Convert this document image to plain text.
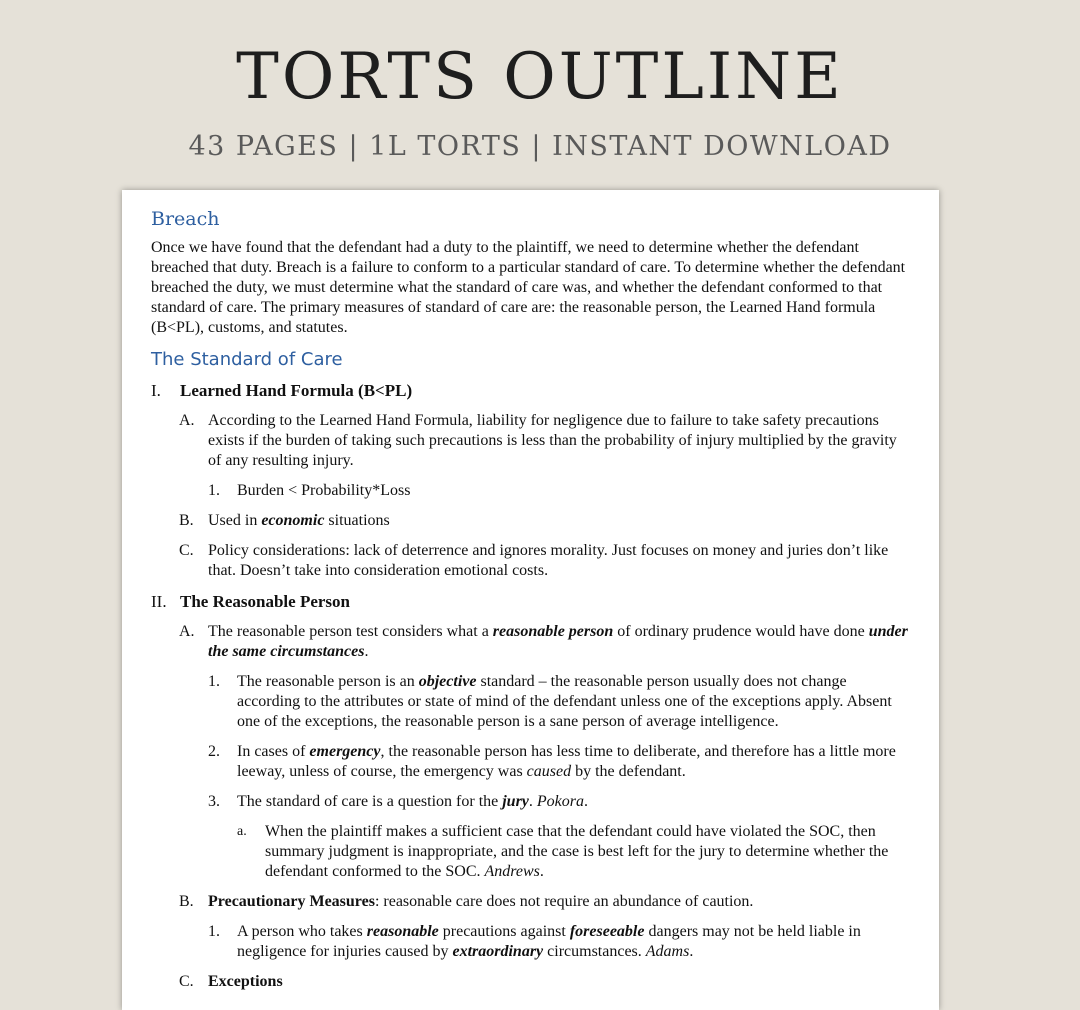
TORTS OUTLINE
43 PAGES | 1L TORTS | INSTANT DOWNLOAD
Breach

Once we have found that the defendant had a duty to the plaintiff, we need to determine whether the defendant breached that duty. Breach is a failure to conform to a particular standard of care. To determine whether the defendant breached the duty, we must determine what the standard of care was, and whether the defendant conformed to that standard of care. The primary measures of standard of care are: the reasonable person, the Learned Hand formula (B<PL), customs, and statutes.

The Standard of Care
I. Learned Hand Formula (B<PL)
A. According to the Learned Hand Formula, liability for negligence due to failure to take safety precautions exists if the burden of taking such precautions is less than the probability of injury multiplied by the gravity of any resulting injury.
1. Burden < Probability*Loss
B. Used in economic situations
C. Policy considerations: lack of deterrence and ignores morality. Just focuses on money and juries don’t like that. Doesn’t take into consideration emotional costs.
II. The Reasonable Person
A. The reasonable person test considers what a reasonable person of ordinary prudence would have done under the same circumstances.
1. The reasonable person is an objective standard – the reasonable person usually does not change according to the attributes or state of mind of the defendant unless one of the exceptions apply. Absent one of the exceptions, the reasonable person is a sane person of average intelligence.
2. In cases of emergency, the reasonable person has less time to deliberate, and therefore has a little more leeway, unless of course, the emergency was caused by the defendant.
3. The standard of care is a question for the jury. Pokora.
a. When the plaintiff makes a sufficient case that the defendant could have violated the SOC, then summary judgment is inappropriate, and the case is best left for the jury to determine whether the defendant conformed to the SOC. Andrews.
B. Precautionary Measures: reasonable care does not require an abundance of caution.
1. A person who takes reasonable precautions against foreseeable dangers may not be held liable in negligence for injuries caused by extraordinary circumstances. Adams.
C. Exceptions
